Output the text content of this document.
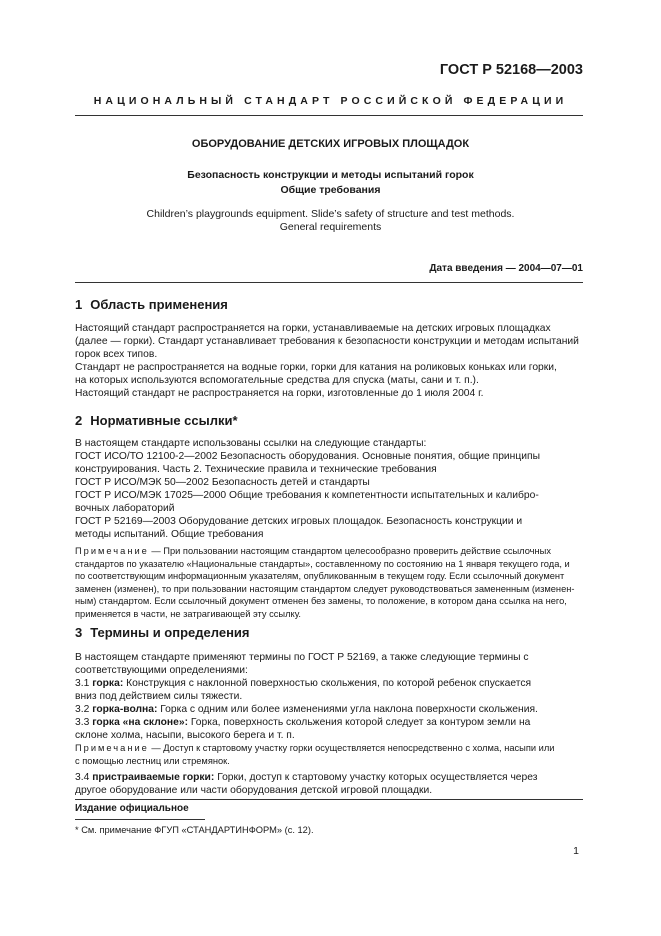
ГОСТ Р 52168—2003
НАЦИОНАЛЬНЫЙ СТАНДАРТ РОССИЙСКОЙ ФЕДЕРАЦИИ
ОБОРУДОВАНИЕ ДЕТСКИХ ИГРОВЫХ ПЛОЩАДОК
Безопасность конструкции и методы испытаний горок
Общие требования
Children’s playgrounds equipment. Slide’s safety of structure and test methods.
General requirements
Дата введения — 2004—07—01
1 Область применения
Настоящий стандарт распространяется на горки, устанавливаемые на детских игровых площадках
(далее — горки). Стандарт устанавливает требования к безопасности конструкции и методам испытаний
горок всех типов.
Стандарт не распространяется на водные горки, горки для катания на роликовых коньках или горки,
на которых используются вспомогательные средства для спуска (маты, сани и т. п.).
Настоящий стандарт не распространяется на горки, изготовленные до 1 июля 2004 г.
2 Нормативные ссылки*
В настоящем стандарте использованы ссылки на следующие стандарты:
ГОСТ ИСО/ТО 12100-2—2002 Безопасность оборудования. Основные понятия, общие принципы
конструирования. Часть 2. Технические правила и технические требования
ГОСТ Р ИСО/МЭК 50—2002 Безопасность детей и стандарты
ГОСТ Р ИСО/МЭК 17025—2000 Общие требования к компетентности испытательных и калибро-
вочных лабораторий
ГОСТ Р 52169—2003 Оборудование детских игровых площадок. Безопасность конструкции и
методы испытаний. Общие требования
Примечание — При пользовании настоящим стандартом целесообразно проверить действие ссылочных
стандартов по указателю «Национальные стандарты», составленному по состоянию на 1 января текущего года, и
по соответствующим информационным указателям, опубликованным в текущем году. Если ссылочный документ
заменен (изменен), то при пользовании настоящим стандартом следует руководствоваться замененным (изменен-
ным) стандартом. Если ссылочный документ отменен без замены, то положение, в котором дана ссылка на него,
применяется в части, не затрагивающей эту ссылку.
3 Термины и определения
В настоящем стандарте применяют термины по ГОСТ Р 52169, а также следующие термины с
соответствующими определениями:
3.1 горка: Конструкция с наклонной поверхностью скольжения, по которой ребенок спускается
вниз под действием силы тяжести.
3.2 горка-волна: Горка с одним или более изменениями угла наклона поверхности скольжения.
3.3 горка «на склоне»: Горка, поверхность скольжения которой следует за контуром земли на
склоне холма, насыпи, высокого берега и т. п.
Примечание — Доступ к стартовому участку горки осуществляется непосредственно с холма, насыпи или
с помощью лестниц или стремянок.
3.4 пристраиваемые горки: Горки, доступ к стартовому участку которых осуществляется через
другое оборудование или части оборудования детской игровой площадки.
Издание официальное
* См. примечание ФГУП «СТАНДАРТИНФОРМ» (с. 12).
1
